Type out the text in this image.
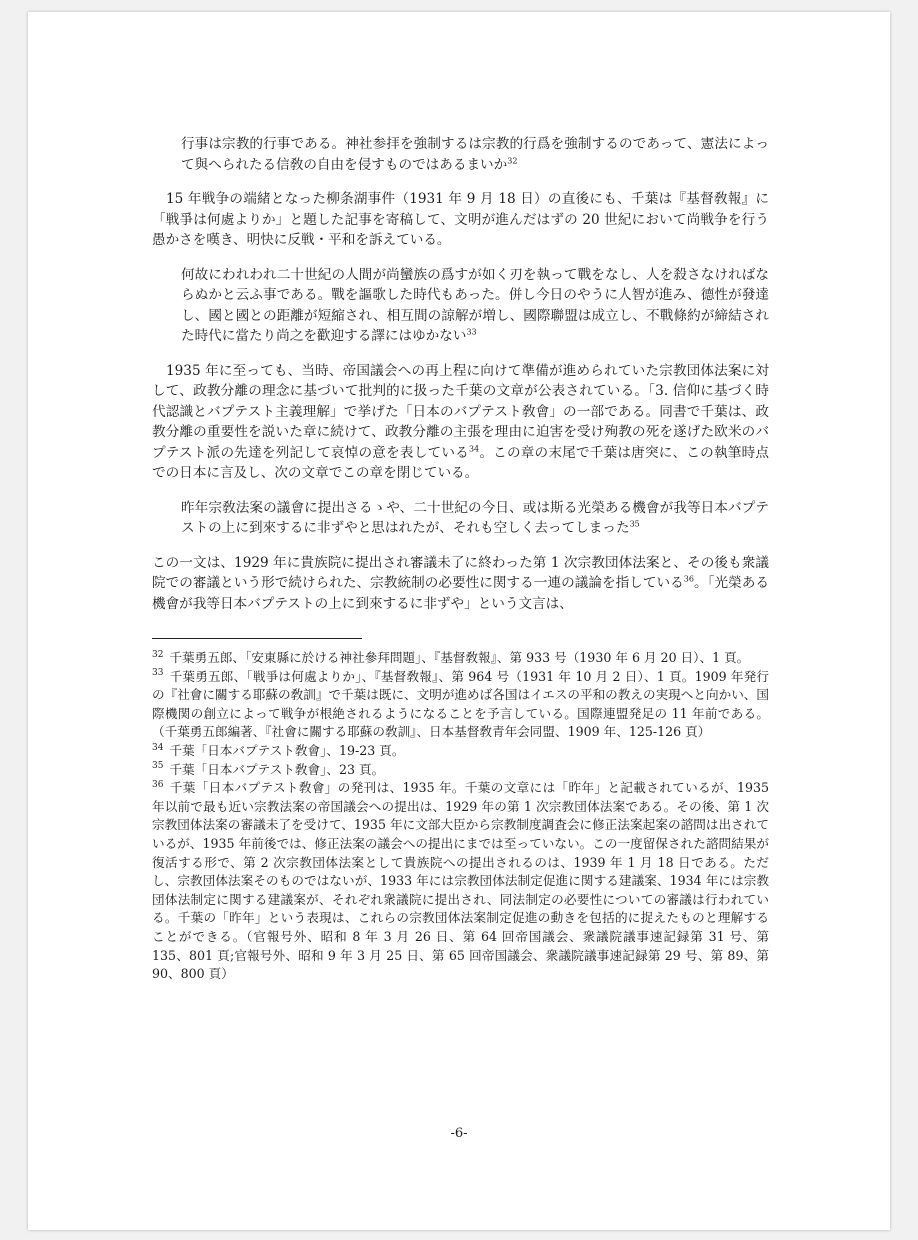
行事は宗教的行事である。神社参拝を強制するは宗教的行爲を強制するのであって、憲法によって與へられたる信敎の自由を侵すものではあるまいか$^{32}$

15 年戦争の端緒となった柳条湖事件（1931 年 9 月 18 日）の直後にも、千葉は『基督敎報』に「戦爭は何處よりか」と題した記事を寄稿して、文明が進んだはずの 20 世紀において尚戦争を行う愚かさを嘆き、明快に反戦・平和を訴えている。

何故にわれわれ二十世紀の人間が尚蠻族の爲すが如く刃を執って戰をなし、人を殺さなければならぬかと云ふ事である。戰を謳歌した時代もあった。併し今日のやうに人智が進み、德性が發達し、國と國との距離が短縮され、相互間の諒解が増し、國際聯盟は成立し、不戰條約が締結された時代に當たり尚之を歡迎する譯にはゆかない$^{33}$

1935 年に至っても、当時、帝国議会への再上程に向けて準備が進められていた宗教団体法案に対して、政教分離の理念に基づいて批判的に扱った千葉の文章が公表されている。「3. 信仰に基づく時代認識とバプテスト主義理解」で挙げた「日本のバプテスト敎會」の一部である。同書で千葉は、政教分離の重要性を説いた章に続けて、政教分離の主張を理由に迫害を受け殉教の死を遂げた欧米のバプテスト派の先達を列記して哀悼の意を表している$^{34}$。この章の末尾で千葉は唐突に、この執筆時点での日本に言及し、次の文章でこの章を閉じている。

昨年宗敎法案の議會に提出さるゝや、二十世紀の今日、或は斯る光榮ある機會が我等日本バプテストの上に到來するに非ずやと思はれたが、それも空しく去ってしまった$^{35}$

この一文は、1929 年に貴族院に提出され審議未了に終わった第 1 次宗教団体法案と、その後も衆議院での審議という形で続けられた、宗教統制の必要性に関する一連の議論を指している$^{36}$。「光榮ある機會が我等日本バプテストの上に到來するに非ずや」という文言は、

$^{32}$ 千葉勇五郎、「安東縣に於ける神社參拜問題」、『基督敎報』、第 933 号（1930 年 6 月 20 日）、1 頁。

$^{33}$ 千葉勇五郎、「戦爭は何處よりか」、『基督敎報』、第 964 号（1931 年 10 月 2 日）、1 頁。1909 年発行の『社會に關する耶蘇の敎訓』で千葉は既に、文明が進めば各国はイエスの平和の教えの実現へと向かい、国際機関の創立によって戦争が根絶されるようになることを予言している。国際連盟発足の 11 年前である。（千葉勇五郎編著、『社會に關する耶蘇の敎訓』、日本基督敎青年会同盟、1909 年、125-126 頁）

$^{34}$ 千葉「日本バプテスト敎會」、19-23 頁。

$^{35}$ 千葉「日本バプテスト敎會」、23 頁。

$^{36}$ 千葉「日本バプテスト敎會」の発刊は、1935 年。千葉の文章には「昨年」と記載されているが、1935 年以前で最も近い宗教法案の帝国議会への提出は、1929 年の第 1 次宗教団体法案である。その後、第 1 次宗教団体法案の審議未了を受けて、1935 年に文部大臣から宗教制度調査会に修正法案起案の諮問は出されているが、1935 年前後では、修正法案の議会への提出にまでは至っていない。この一度留保された諮問結果が復活する形で、第 2 次宗教団体法案として貴族院への提出されるのは、1939 年 1 月 18 日である。ただし、宗教団体法案そのものではないが、1933 年には宗教団体法制定促進に関する建議案、1934 年には宗教団体法制定に関する建議案が、それぞれ衆議院に提出され、同法制定の必要性についての審議は行われている。千葉の「昨年」という表現は、これらの宗教団体法案制定促進の動きを包括的に捉えたものと理解することができる。（官報号外、昭和 8 年 3 月 26 日、第 64 回帝国議会、衆議院議事速記録第 31 号、第 135、801 頁;官報号外、昭和 9 年 3 月 25 日、第 65 回帝国議会、衆議院議事速記録第 29 号、第 89、第 90、800 頁）

-6-
